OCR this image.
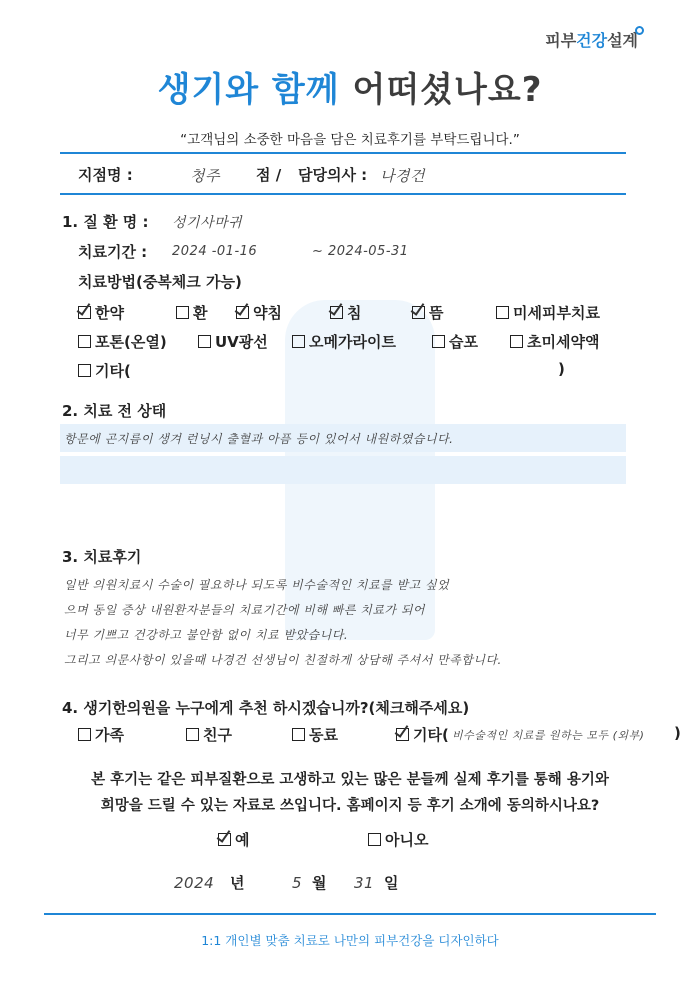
피부건강설계
생기와 함께 어떠셨나요?
“고객님의 소중한 마음을 담은 치료후기를 부탁드립니다.”
지점명 :	청주 점 / 담당의사 : 나경건
1. 질 환 명 : 성기사마귀
치료기간 : 2024 -01-16	~ 2024-05-31
치료방법(중복체크 가능)
한약	환	약침	침	뜸	미세피부치료
포톤(온열)	UV광선	오메가라이트	습포	초미세약액
기타(	)
2. 치료 전 상태
항문에 곤지름이 생겨 런닝시 출혈과 아픔 등이 있어서 내원하였습니다.
3. 치료후기
일반 의원치료시 수술이 필요하나 되도록 비수술적인 치료를 받고 싶었
으며 동일 증상 내원환자분들의 치료기간에 비해 빠른 치료가 되어
너무 기쁘고 건강하고 불안함 없이 치료 받았습니다.
그리고 의문사항이 있을때 나경건 선생님이 친절하게 상담해 주셔서 만족합니다.
4. 생기한의원을 누구에게 추천 하시겠습니까?(체크해주세요)
가족	친구	동료	기타( 비수술적인 치료를 원하는 모두 (외부) )
본 후기는 같은 피부질환으로 고생하고 있는 많은 분들께 실제 후기를 통해 용기와
희망을 드릴 수 있는 자료로 쓰입니다. 홈페이지 등 후기 소개에 동의하시나요?
예	아니오
2024 년	5 월 31 일
1:1 개인별 맞춤 치료로 나만의 피부건강을 디자인하다
